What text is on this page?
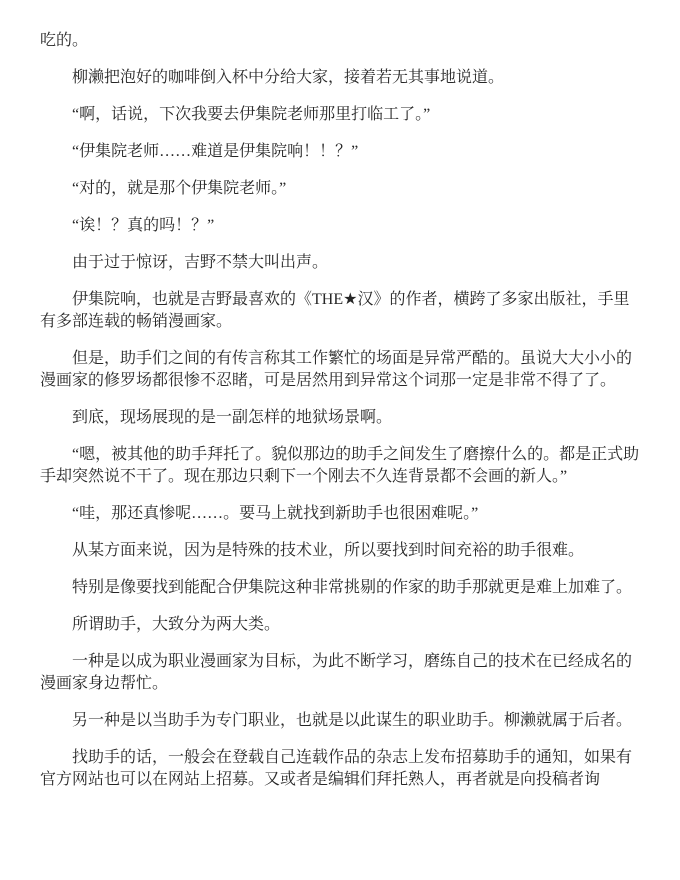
吃的。

柳濑把泡好的咖啡倒入杯中分给大家，接着若无其事地说道。

“啊，话说，下次我要去伊集院老师那里打临工了。”

“伊集院老师……难道是伊集院响！！？”

“对的，就是那个伊集院老师。”

“诶！？真的吗！？”

由于过于惊讶，吉野不禁大叫出声。

伊集院响，也就是吉野最喜欢的《THE★汉》的作者，横跨了多家出版社，手里有多部连载的畅销漫画家。

但是，助手们之间的有传言称其工作繁忙的场面是异常严酷的。虽说大大小小的漫画家的修罗场都很惨不忍睹，可是居然用到异常这个词那一定是非常不得了了。

到底，现场展现的是一副怎样的地狱场景啊。

“嗯，被其他的助手拜托了。貌似那边的助手之间发生了磨擦什么的。都是正式助手却突然说不干了。现在那边只剩下一个刚去不久连背景都不会画的新人。”

“哇，那还真惨呢……。要马上就找到新助手也很困难呢。”

从某方面来说，因为是特殊的技术业，所以要找到时间充裕的助手很难。

特别是像要找到能配合伊集院这种非常挑剔的作家的助手那就更是难上加难了。

所谓助手，大致分为两大类。

一种是以成为职业漫画家为目标，为此不断学习，磨练自己的技术在已经成名的漫画家身边帮忙。

另一种是以当助手为专门职业，也就是以此谋生的职业助手。柳濑就属于后者。

找助手的话，一般会在登载自己连载作品的杂志上发布招募助手的通知，如果有官方网站也可以在网站上招募。又或者是编辑们拜托熟人，再者就是向投稿者询
